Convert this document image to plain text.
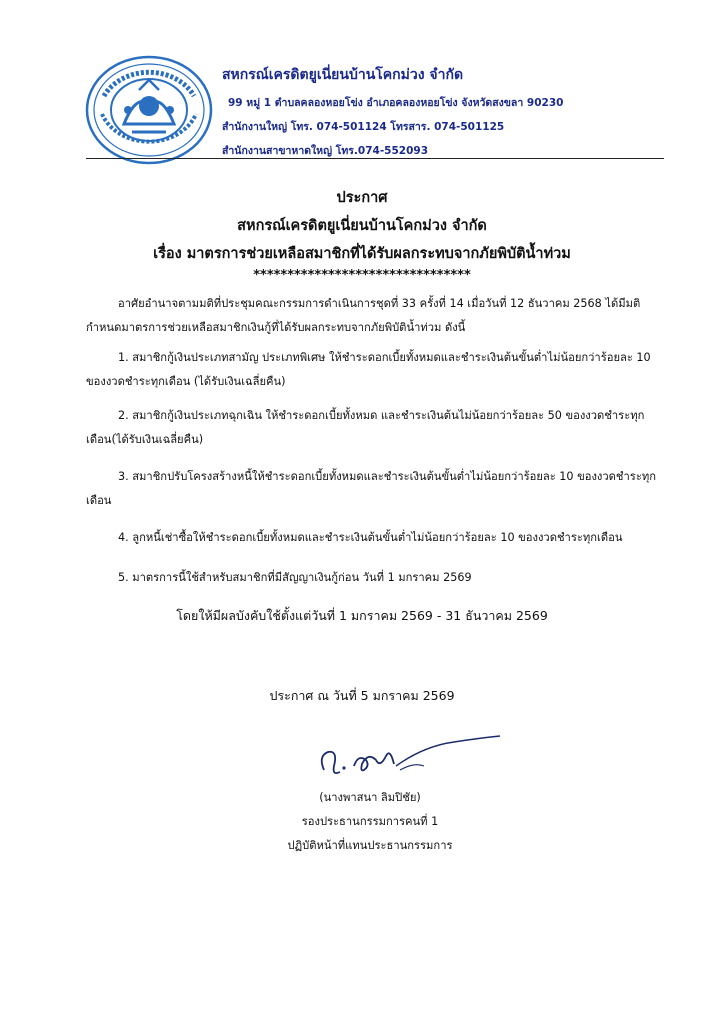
สหกรณ์เครดิตยูเนี่ยนบ้านโคกม่วง จำกัด
99 หมู่ 1 ตำบลคลองหอยโข่ง อำเภอคลองหอยโข่ง จังหวัดสงขลา 90230
สำนักงานใหญ่ โทร. 074-501124 โทรสาร. 074-501125
สำนักงานสาขาหาดใหญ่ โทร.074-552093
ประกาศ
สหกรณ์เครดิตยูเนี่ยนบ้านโคกม่วง จำกัด
เรื่อง มาตรการช่วยเหลือสมาชิกที่ได้รับผลกระทบจากภัยพิบัติน้ำท่วม
********************************
อาศัยอำนาจตามมติที่ประชุมคณะกรรมการดำเนินการชุดที่ 33 ครั้งที่ 14 เมื่อวันที่ 12 ธันวาคม 2568 ได้มีมติกำหนดมาตรการช่วยเหลือสมาชิกเงินกู้ที่ได้รับผลกระทบจากภัยพิบัติน้ำท่วม ดังนี้
1. สมาชิกกู้เงินประเภทสามัญ ประเภทพิเศษ ให้ชำระดอกเบี้ยทั้งหมดและชำระเงินต้นขั้นต่ำไม่น้อยกว่าร้อยละ 10 ของงวดชำระทุกเดือน (ได้รับเงินเฉลี่ยคืน)
2. สมาชิกกู้เงินประเภทฉุกเฉิน ให้ชำระดอกเบี้ยทั้งหมด และชำระเงินต้นไม่น้อยกว่าร้อยละ 50 ของงวดชำระทุกเดือน(ได้รับเงินเฉลี่ยคืน)
3. สมาชิกปรับโครงสร้างหนี้ให้ชำระดอกเบี้ยทั้งหมดและชำระเงินต้นขั้นต่ำไม่น้อยกว่าร้อยละ 10 ของงวดชำระทุกเดือน
4. ลูกหนี้เช่าซื้อให้ชำระดอกเบี้ยทั้งหมดและชำระเงินต้นขั้นต่ำไม่น้อยกว่าร้อยละ 10 ของงวดชำระทุกเดือน
5. มาตรการนี้ใช้สำหรับสมาชิกที่มีสัญญาเงินกู้ก่อน วันที่ 1 มกราคม 2569
โดยให้มีผลบังคับใช้ตั้งแต่วันที่ 1 มกราคม 2569 - 31 ธันวาคม 2569
ประกาศ ณ วันที่ 5 มกราคม 2569
(นางพาสนา ลิมปิชัย)
รองประธานกรรมการคนที่ 1
ปฏิบัติหน้าที่แทนประธานกรรมการ
